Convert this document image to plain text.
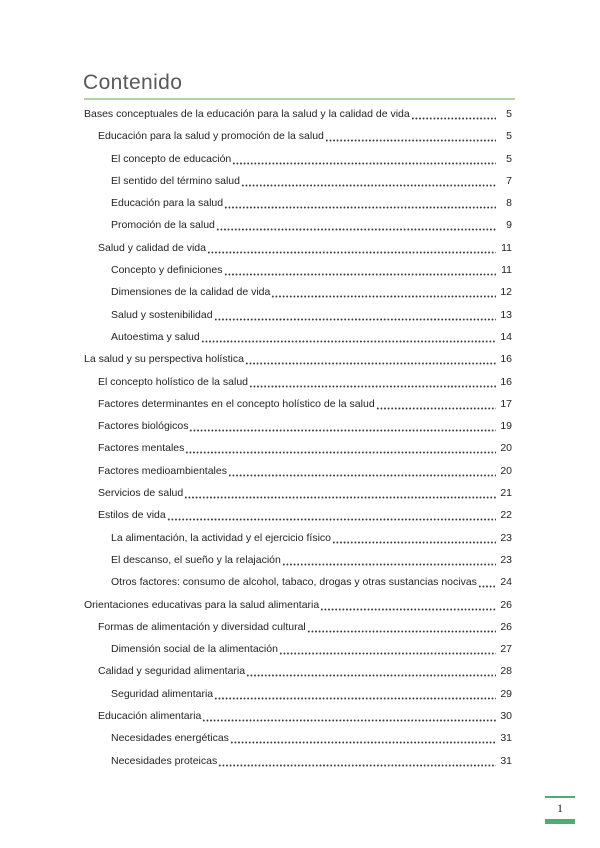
Contenido
Bases conceptuales de la educación para la salud y la calidad de vida	5
Educación para la salud y promoción de la salud	5
El concepto de educación	5
El sentido del término salud	7
Educación para la salud	8
Promoción de la salud	9
Salud y calidad de vida	11
Concepto y definiciones	11
Dimensiones de la calidad de vida	12
Salud y sostenibilidad	13
Autoestima y salud	14
La salud y su perspectiva holística	16
El concepto holístico de la salud	16
Factores determinantes en el concepto holístico de la salud	17
Factores biológicos	19
Factores mentales	20
Factores medioambientales	20
Servicios de salud	21
Estilos de vida	22
La alimentación, la actividad y el ejercicio físico	23
El descanso, el sueño y la relajación	23
Otros factores: consumo de alcohol, tabaco, drogas y otras sustancias nocivas 24
Orientaciones educativas para la salud alimentaria	26
Formas de alimentación y diversidad cultural	26
Dimensión social de la alimentación	27
Calidad y seguridad alimentaria	28
Seguridad alimentaria	29
Educación alimentaria	30
Necesidades energéticas	31
Necesidades proteicas	31
1
